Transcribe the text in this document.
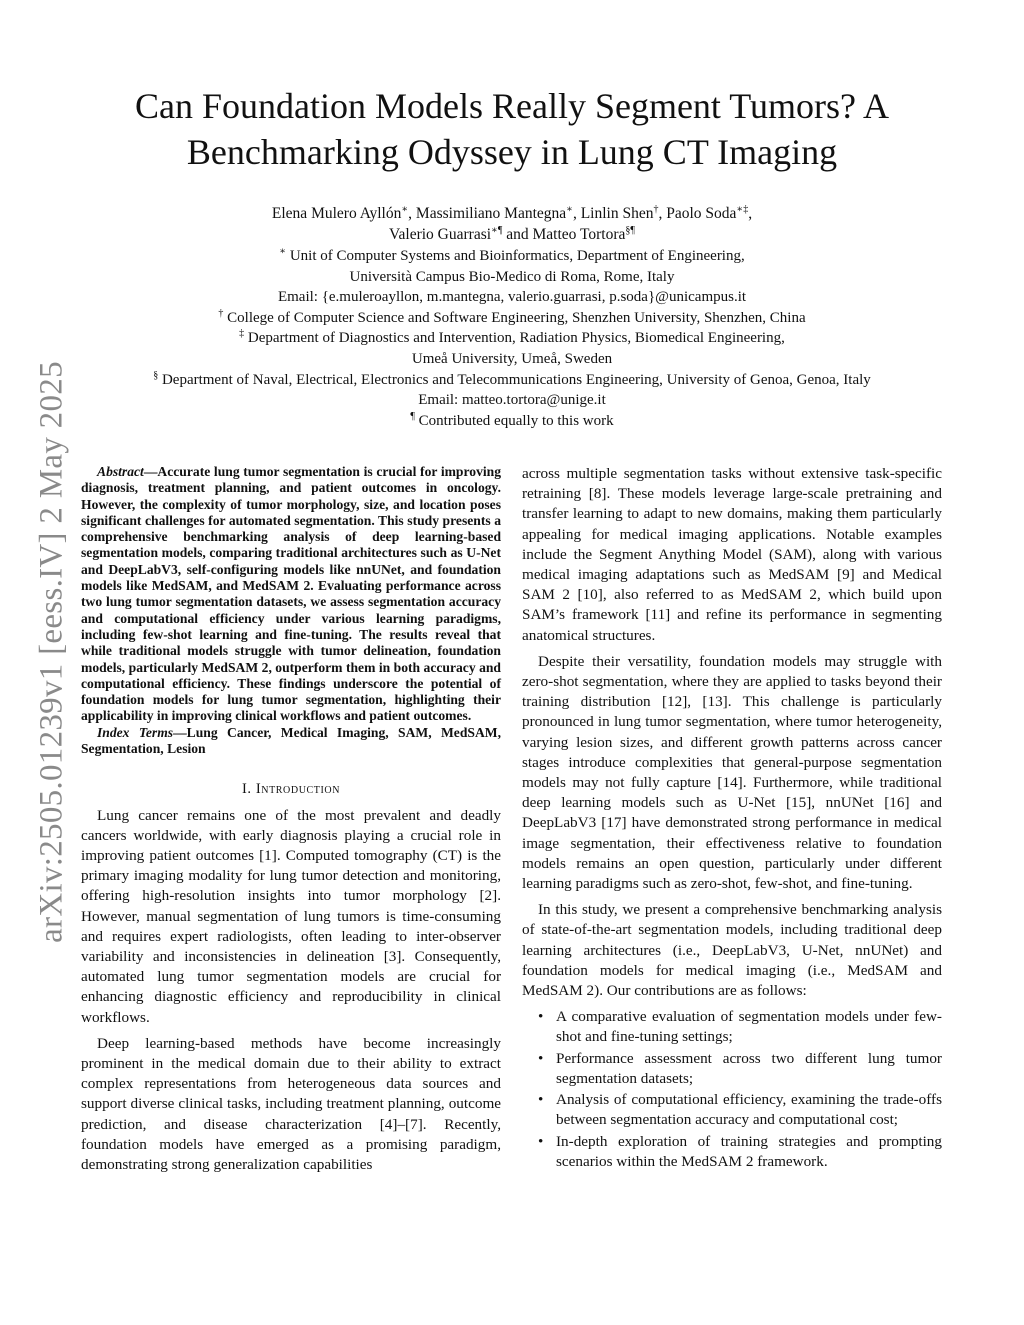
arXiv:2505.01239v1 [eess.IV] 2 May 2025
Can Foundation Models Really Segment Tumors? A
Benchmarking Odyssey in Lung CT Imaging
Elena Mulero Ayllón∗, Massimiliano Mantegna∗, Linlin Shen†, Paolo Soda∗‡,
Valerio Guarrasi∗¶ and Matteo Tortora§¶
∗ Unit of Computer Systems and Bioinformatics, Department of Engineering,
Università Campus Bio-Medico di Roma, Rome, Italy
Email: {e.muleroayllon, m.mantegna, valerio.guarrasi, p.soda}@unicampus.it
† College of Computer Science and Software Engineering, Shenzhen University, Shenzhen, China
‡ Department of Diagnostics and Intervention, Radiation Physics, Biomedical Engineering,
Umeå University, Umeå, Sweden
§ Department of Naval, Electrical, Electronics and Telecommunications Engineering, University of Genoa, Genoa, Italy
Email: matteo.tortora@unige.it
¶ Contributed equally to this work
Abstract—Accurate lung tumor segmentation is crucial for improving diagnosis, treatment planning, and patient outcomes in oncology. However, the complexity of tumor morphology, size, and location poses significant challenges for automated segmentation. This study presents a comprehensive benchmarking analysis of deep learning-based segmentation models, comparing traditional architectures such as U-Net and DeepLabV3, self-configuring models like nnUNet, and foundation models like MedSAM, and MedSAM 2. Evaluating performance across two lung tumor segmentation datasets, we assess segmentation accuracy and computational efficiency under various learning paradigms, including few-shot learning and fine-tuning. The results reveal that while traditional models struggle with tumor delineation, foundation models, particularly MedSAM 2, outperform them in both accuracy and computational efficiency. These findings underscore the potential of foundation models for lung tumor segmentation, highlighting their applicability in improving clinical workflows and patient outcomes.
Index Terms—Lung Cancer, Medical Imaging, SAM, MedSAM, Segmentation, Lesion
I. Introduction

Lung cancer remains one of the most prevalent and deadly cancers worldwide, with early diagnosis playing a crucial role in improving patient outcomes [1]. Computed tomography (CT) is the primary imaging modality for lung tumor detection and monitoring, offering high-resolution insights into tumor morphology [2]. However, manual segmentation of lung tumors is time-consuming and requires expert radiologists, often leading to inter-observer variability and inconsistencies in delineation [3]. Consequently, automated lung tumor segmentation models are crucial for enhancing diagnostic efficiency and reproducibility in clinical workflows.

Deep learning-based methods have become increasingly prominent in the medical domain due to their ability to extract complex representations from heterogeneous data sources and support diverse clinical tasks, including treatment planning, outcome prediction, and disease characterization [4]–[7]. Recently, foundation models have emerged as a promising paradigm, demonstrating strong generalization capabilities

across multiple segmentation tasks without extensive task-specific retraining [8]. These models leverage large-scale pretraining and transfer learning to adapt to new domains, making them particularly appealing for medical imaging applications. Notable examples include the Segment Anything Model (SAM), along with various medical imaging adaptations such as MedSAM [9] and Medical SAM 2 [10], also referred to as MedSAM 2, which build upon SAM’s framework [11] and refine its performance in segmenting anatomical structures.

Despite their versatility, foundation models may struggle with zero-shot segmentation, where they are applied to tasks beyond their training distribution [12], [13]. This challenge is particularly pronounced in lung tumor segmentation, where tumor heterogeneity, varying lesion sizes, and different growth patterns across cancer stages introduce complexities that general-purpose segmentation models may not fully capture [14]. Furthermore, while traditional deep learning models such as U-Net [15], nnUNet [16] and DeepLabV3 [17] have demonstrated strong performance in medical image segmentation, their effectiveness relative to foundation models remains an open question, particularly under different learning paradigms such as zero-shot, few-shot, and fine-tuning.

In this study, we present a comprehensive benchmarking analysis of state-of-the-art segmentation models, including traditional deep learning architectures (i.e., DeepLabV3, U-Net, nnUNet) and foundation models for medical imaging (i.e., MedSAM and MedSAM 2). Our contributions are as follows:

• A comparative evaluation of segmentation models under few-shot and fine-tuning settings;
• Performance assessment across two different lung tumor segmentation datasets;
• Analysis of computational efficiency, examining the trade-offs between segmentation accuracy and computational cost;
• In-depth exploration of training strategies and prompting scenarios within the MedSAM 2 framework.
